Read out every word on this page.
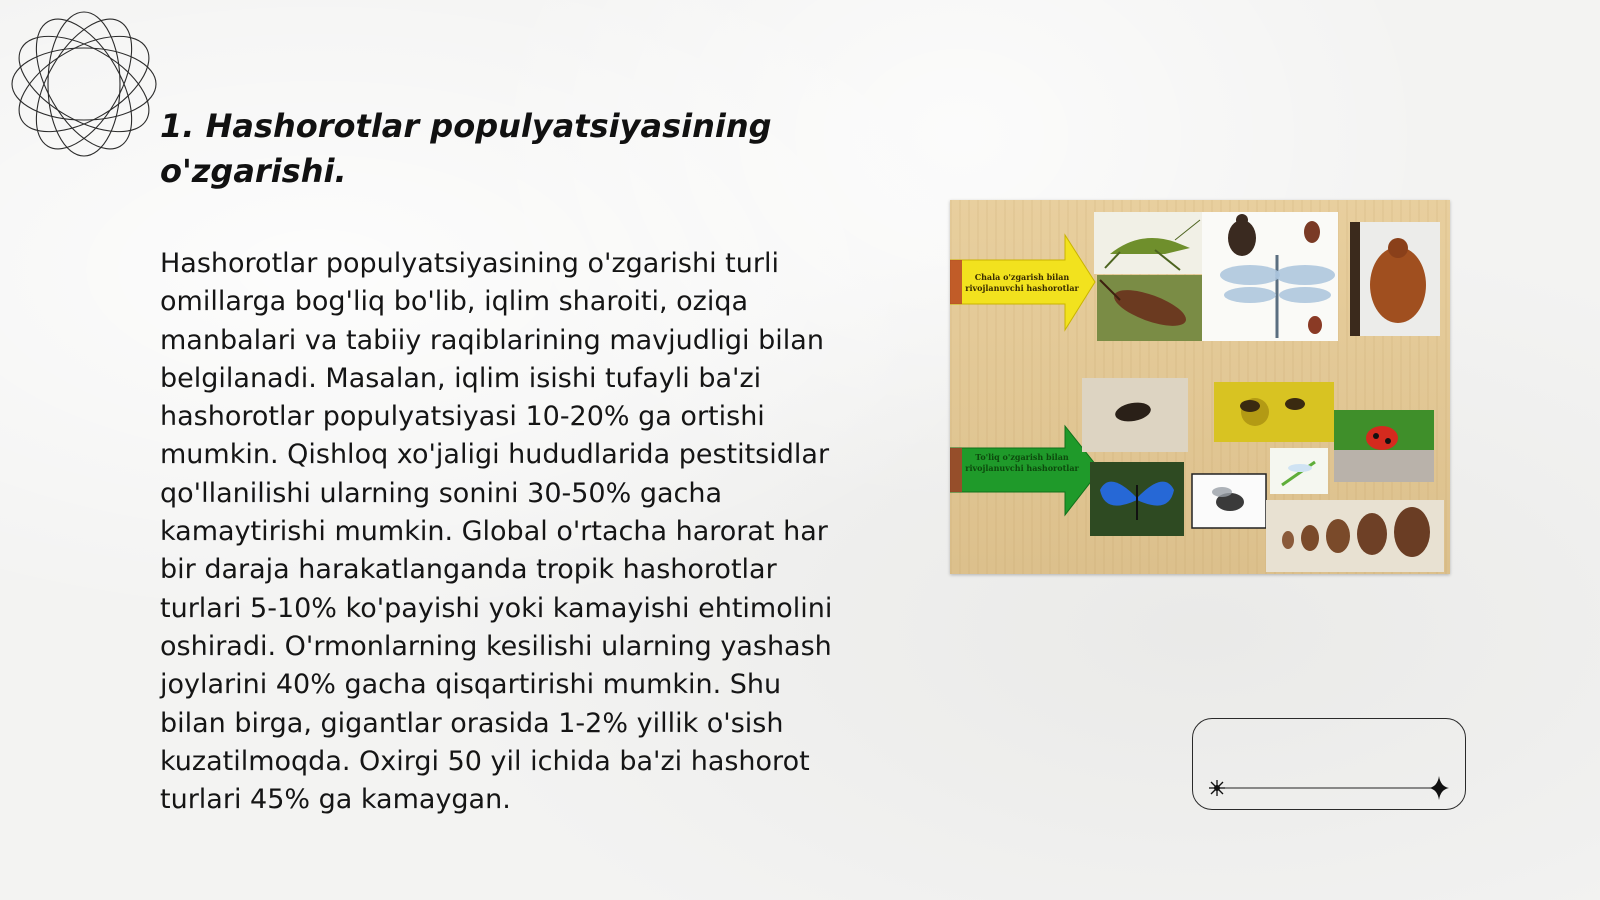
1. Hashorotlar populyatsiyasining o'zgarishi.

Hashorotlar populyatsiyasining o'zgarishi turli omillarga bog'liq bo'lib, iqlim sharoiti, oziqa manbalari va tabiiy raqiblarining mavjudligi bilan belgilanadi. Masalan, iqlim isishi tufayli ba'zi hashorotlar populyatsiyasi 10-20% ga ortishi mumkin. Qishloq xo'jaligi hududlarida pestitsidlar qo'llanilishi ularning sonini 30-50% gacha kamaytirishi mumkin. Global o'rtacha harorat har bir daraja harakatlanganda tropik hashorotlar turlari 5-10% ko'payishi yoki kamayishi ehtimolini oshiradi. O'rmonlarning kesilishi ularning yashash joylarini 40% gacha qisqartirishi mumkin. Shu bilan birga, gigantlar orasida 1-2% yillik o'sish kuzatilmoqda. Oxirgi 50 yil ichida ba'zi hashorot turlari 45% ga kamaygan.

Chala o'zgarish bilan rivojlanuvchi hashorotlar
To'liq o'zgarish bilan rivojlanuvchi hashorotlar
